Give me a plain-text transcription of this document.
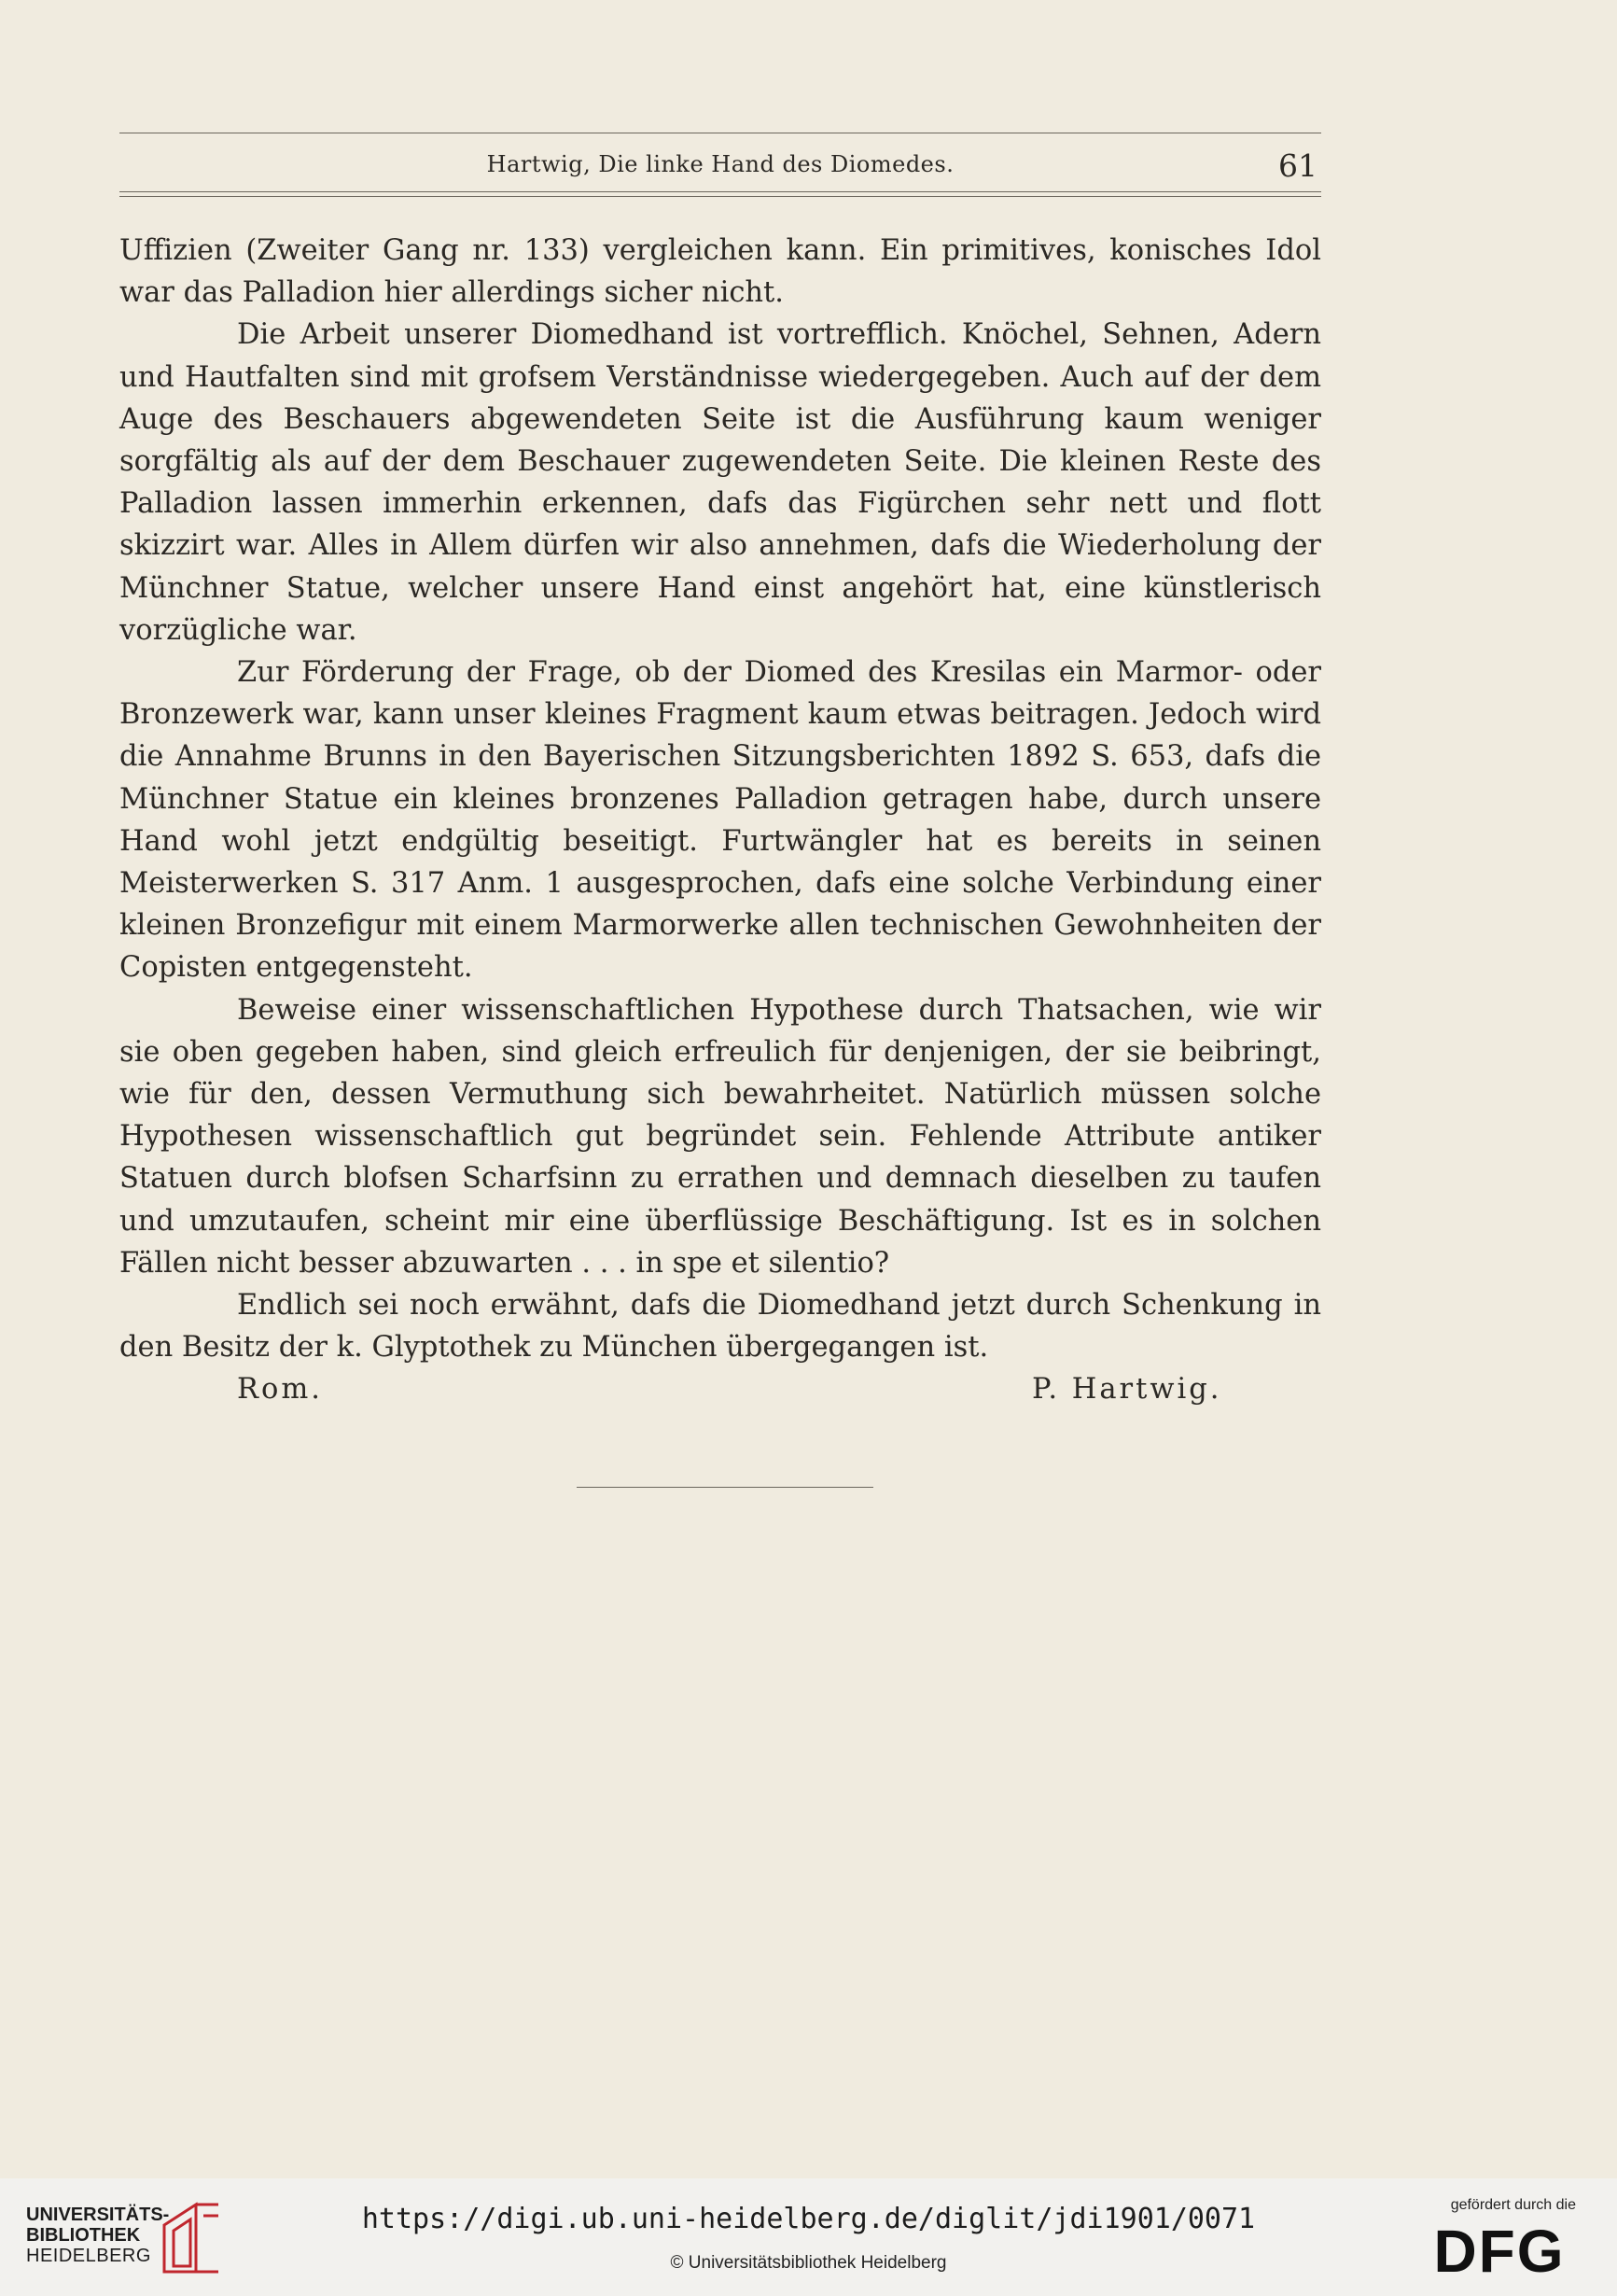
Hartwig, Die linke Hand des Diomedes.	61

Uffizien (Zweiter Gang nr. 133) vergleichen kann. Ein primitives, konisches Idol war das Palladion hier allerdings sicher nicht.

Die Arbeit unserer Diomedhand ist vortrefflich. Knöchel, Sehnen, Adern und Hautfalten sind mit grofsem Verständnisse wiedergegeben. Auch auf der dem Auge des Beschauers abgewendeten Seite ist die Ausführung kaum weniger sorgfältig als auf der dem Beschauer zugewendeten Seite. Die kleinen Reste des Palladion lassen immerhin erkennen, dafs das Figürchen sehr nett und flott skizzirt war. Alles in Allem dürfen wir also annehmen, dafs die Wiederholung der Münchner Statue, welcher unsere Hand einst angehört hat, eine künstlerisch vorzügliche war.

Zur Förderung der Frage, ob der Diomed des Kresilas ein Marmor- oder Bronzewerk war, kann unser kleines Fragment kaum etwas beitragen. Jedoch wird die Annahme Brunns in den Bayerischen Sitzungsberichten 1892 S. 653, dafs die Münchner Statue ein kleines bronzenes Palladion getragen habe, durch unsere Hand wohl jetzt endgültig beseitigt. Furtwängler hat es bereits in seinen Meisterwerken S. 317 Anm. 1 ausgesprochen, dafs eine solche Verbindung einer kleinen Bronzefigur mit einem Marmorwerke allen technischen Gewohnheiten der Copisten entgegensteht.

Beweise einer wissenschaftlichen Hypothese durch Thatsachen, wie wir sie oben gegeben haben, sind gleich erfreulich für denjenigen, der sie beibringt, wie für den, dessen Vermuthung sich bewahrheitet. Natürlich müssen solche Hypothesen wissenschaftlich gut begründet sein. Fehlende Attribute antiker Statuen durch blofsen Scharfsinn zu errathen und demnach dieselben zu taufen und umzutaufen, scheint mir eine überflüssige Beschäftigung. Ist es in solchen Fällen nicht besser abzuwarten . . . in spe et silentio?

Endlich sei noch erwähnt, dafs die Diomedhand jetzt durch Schenkung in den Besitz der k. Glyptothek zu München übergegangen ist.

Rom.	P. Hartwig.
UNIVERSITÄTS-
BIBLIOTHEK
HEIDELBERG
https://digi.ub.uni-heidelberg.de/diglit/jdi1901/0071
© Universitätsbibliothek Heidelberg
gefördert durch die
DFG
